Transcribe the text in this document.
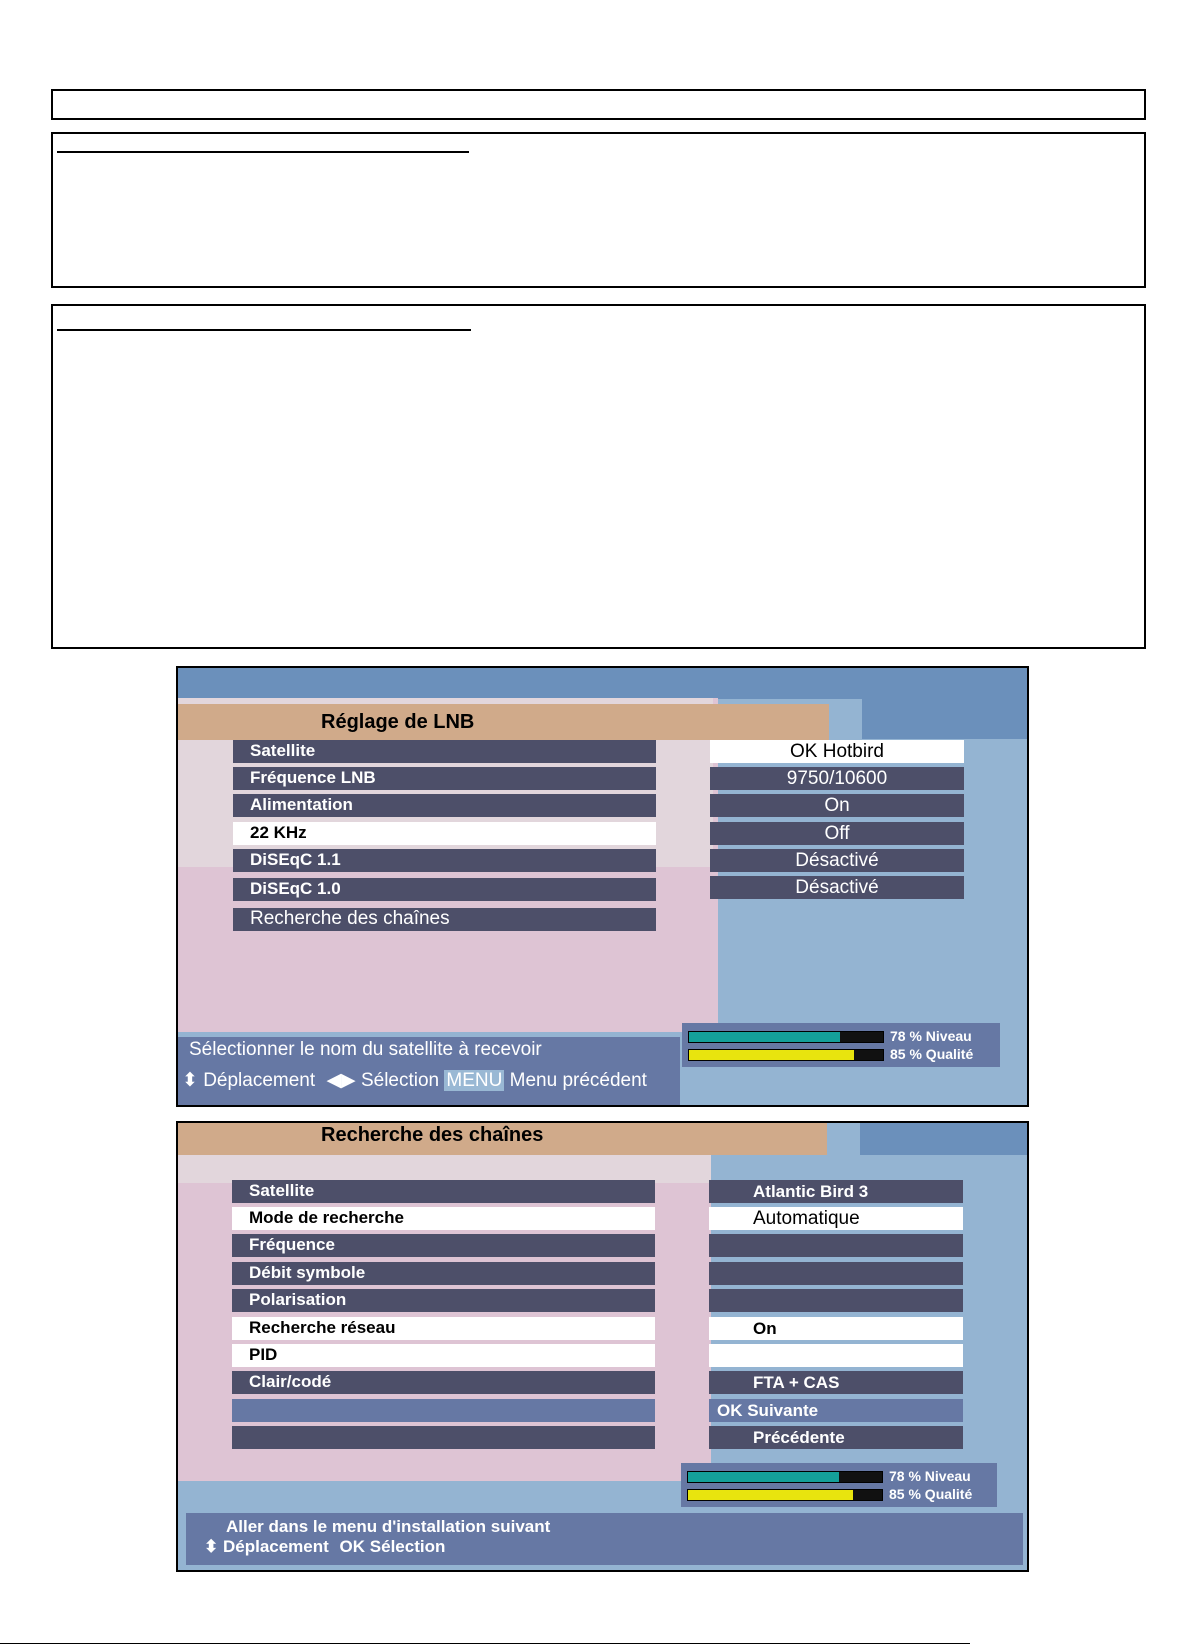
Réglage de LNB
Satellite
Fréquence LNB
Alimentation
22 KHz
DiSEqC 1.1
DiSEqC 1.0
Recherche des chaînes
OK Hotbird
9750/10600
On
Off
Désactivé
Désactivé
78 % Niveau
85 % Qualité
Sélectionner le nom du satellite à recevoir
⬍ Déplacement ◀▶ Sélection MENU Menu précédent
Recherche des chaînes
Satellite
Mode de recherche
Fréquence
Débit symbole
Polarisation
Recherche réseau
PID
Clair/codé
Atlantic Bird 3
Automatique
On
FTA + CAS
OK Suivante
Précédente
78 % Niveau
85 % Qualité
Aller dans le menu d'installation suivant
⬍ Déplacement OK Sélection
